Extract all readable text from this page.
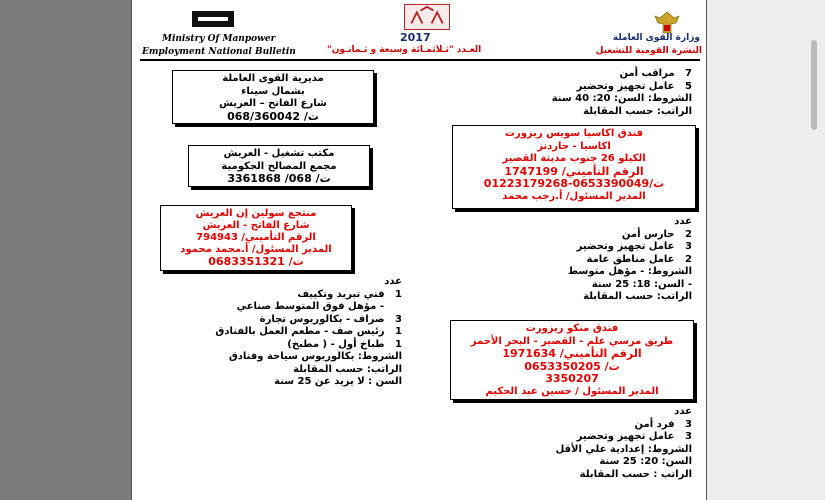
Ministry Of Manpower
Employment National Bulletin
2017
العـدد "ثـلاثمـائة وسبعة و ثـمانـون"
وزارة القوى العاملة
النشرة القومية للتشغيل
مديرية القوى العاملة
بشمال سيناء
شارع الفاتح – العريش
ت/ 068/360042
مكتب تشغيل - العريش
مجمع المصالح الحكومية
ت/ 068/ 3361868
منتجع سولين إن العريش
شارع الفاتح - العريش
الرقم التأميني/ 794943
المدير المسئول/ أ.محمد محمود
ت/ 0683351321
عدد
1 فني تبريد وتكييف
- مؤهل فوق المتوسط صناعي
3 صراف - بكالوريوس تجارة
1 رئيس صف - مطعم العمل بالفنادق
1 طباخ أول - ( مطبخ)
الشروط: بكالوريوس سياحة وفنادق
الراتب: حسب المقابلة
السن : لا يزيد عن 25 سنة
7 مراقب أمن
5 عامل تجهيز وتحضير
الشروط: السن: 20: 40 سنة
الراتب: حسب المقابلة
فندق اكاسيا سويس ريزورت
اكاسيا - جاردنز
الكيلو 26 جنوب مدينة القصير
الرقم التأميني/ 1747199
ت/0653390049-01223179268
المدير المسئول/ أ.رجب محمد
عدد
2 حارس أمن
3 عامل تجهيز وتحضير
2 عامل مناطق عامة
الشروط: - مؤهل متوسط
- السن: 18: 25 سنة
الراتب: حسب المقابلة
فندق منكو ريزورت
طريق مرسي علم - القصير - البحر الأحمر
الرقم التأميني/ 1971634
ت/ 0653350205
3350207
المدير المسئول / حسين عبد الحكيم
عدد
3 فرد أمن
3 عامل تجهيز وتحضير
الشروط: إعدادية علي الأقل
السن: 20: 25 سنة
الراتب : حسب المقابلة
